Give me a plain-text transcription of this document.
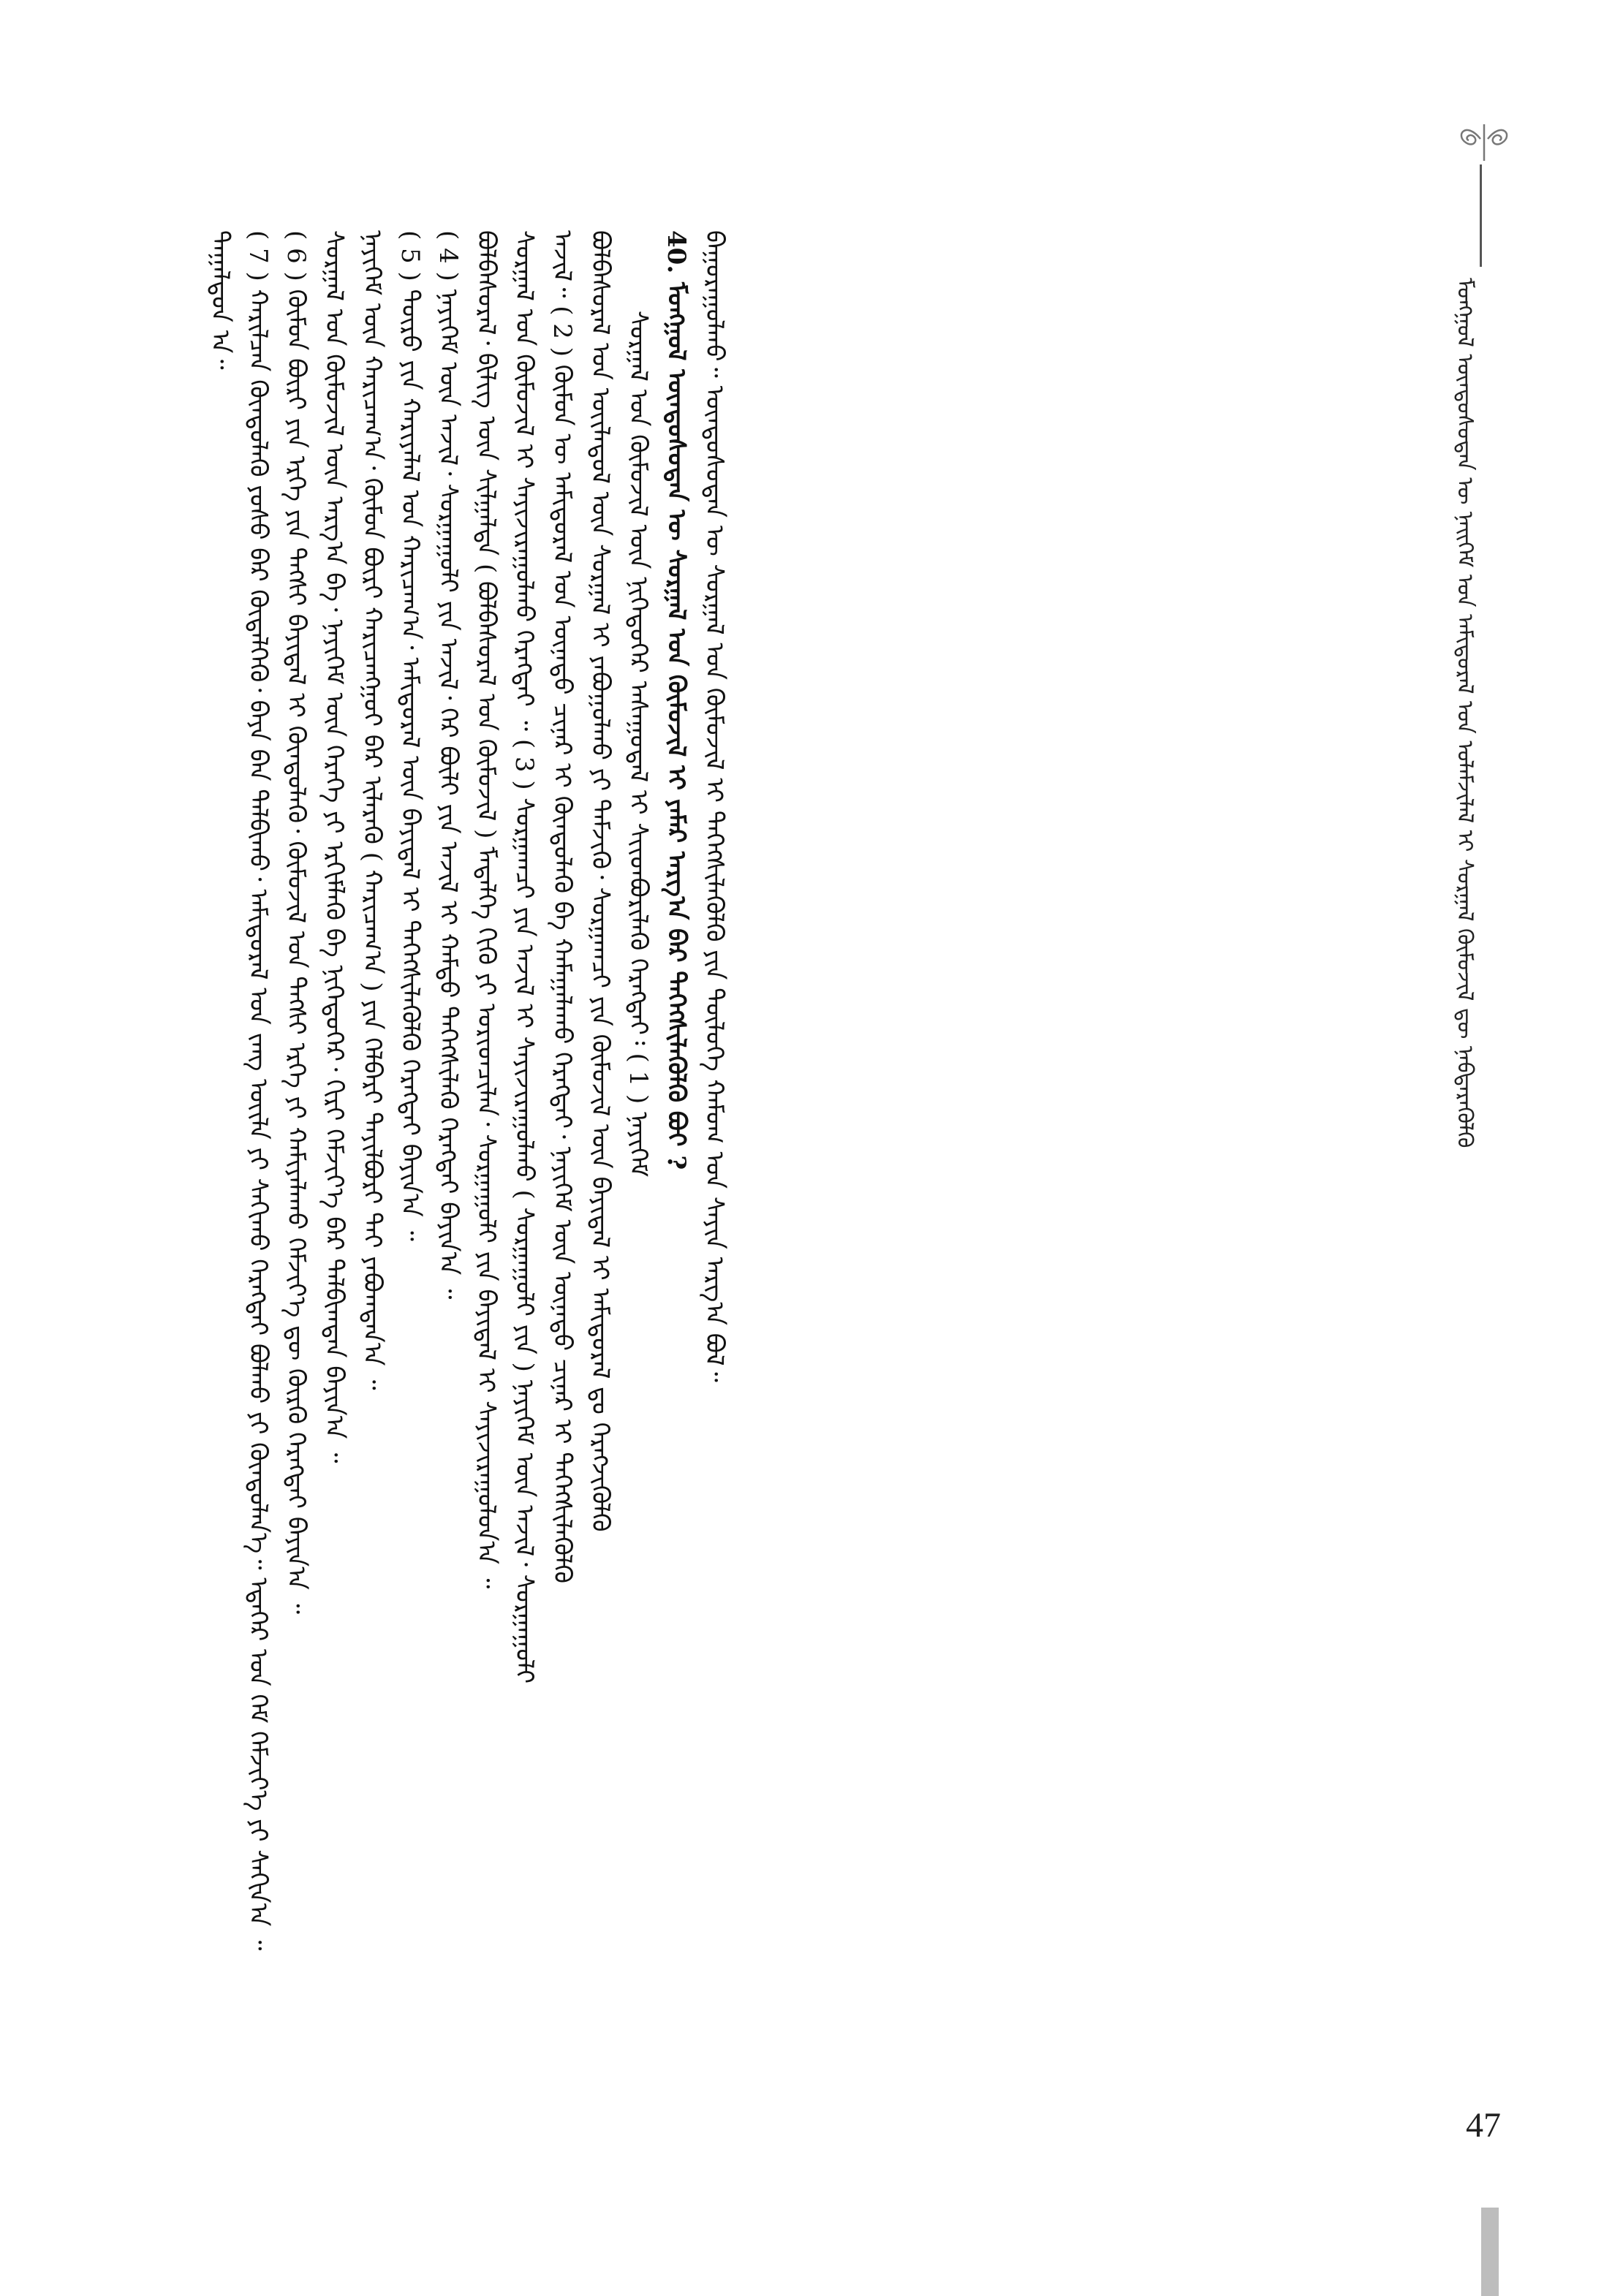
ᠮᠣᠩᠭᠣᠯ ᠦᠨᠳᠦᠰᠦᠲᠡᠨ ᠦ ᠨᠡᠢᠭᠡᠮ ᠤᠨ ᠠᠮᠢᠳᠤᠷᠠᠯ ᠤᠨ ᠤᠯᠠᠮᠵᠢᠯᠠᠯ ᠢ ᠰᠤᠷᠭᠠᠯ ᠬᠦᠮᠦᠵᠢᠯ ᠳᠦ ᠨᠡᠪᠲᠡᠷᠡᠭᠦᠯᠬᠦ

ᠳᠠᠭᠠᠯᠳᠤᠨ ᠠ᠃ ( 7 ) ᠬᠠᠷᠢᠯᠴᠠᠨ ᠬᠦᠨᠳᠦᠯᠡᠬᠦ ᠶᠣᠰᠣ ᠪᠠᠷ ᠬᠦᠳᠡᠯᠭᠡᠬᠦ᠂ ᠪᠡᠶᠡ ᠪᠡᠨ ᠲᠠᠯᠪᠢᠬᠤ᠂ ᠠᠮᠢᠳᠤᠷᠠᠯ ᠤᠨ ᠵᠠᠩ ᠦᠢᠯᠡ ᠶᠢ ᠰᠠᠬᠢᠬᠤ ᠬᠡᠷᠡᠭᠲᠡᠢ ᠪᠣᠯᠬᠤ ᠶᠢ ᠬᠦᠨᠳᠦᠯᠡᠨ᠎ᠡ᠃ ᠡᠳᠡᠭᠡᠷ ᠤᠨ ᠬᠡᠮ ᠬᠡᠮᠵᠢᠶ᠎ᠡ ᠶᠢ ᠰᠠᠬᠢᠨ᠎ᠠ ᠃ ( 6 ) ᠬᠦᠮᠦᠨ ᠪᠦᠷᠢ ᠶᠢᠨ ᠡᠷᠬᠡ ᠶᠢᠨ ᠲᠡᠭᠰᠢ ᠪᠠᠶᠢᠳᠠᠯ ᠢ ᠬᠦᠨᠳᠦᠯᠡᠬᠦ᠂ ᠬᠦᠮᠦᠵᠢᠯ ᠤᠨ ᠲᠡᠭᠰᠢ ᠡᠷᠬᠡ ᠶᠢ ᠬᠠᠮᠢᠶᠠᠯᠠᠬᠤ ᠬᠡᠮᠵᠢᠶ᠎ᠡ ᠳᠦ ᠬᠦᠷᠬᠦ ᠬᠡᠷᠡᠭᠲᠡᠢ ᠪᠠᠶᠢᠨ᠎ᠠ ᠃ ᠰᠤᠷᠭᠠᠯ ᠤᠨ ᠬᠦᠮᠦᠵᠢᠯ ᠦᠨ ᠠᠷᠭ᠎ᠠ ᠪᠠ᠂ ᠨᠡᠶᠢᠭᠡᠮ ᠦᠨ ᠭᠡᠷᠡᠭᠡ ᠶᠢ ᠡᠷᠬᠢᠮᠯᠡᠬᠦ ᠪᠠ ᠨᠢᠭᠡᠳᠦᠭᠡᠷ᠂ ᠬᠢᠷᠢ ᠬᠡᠮᠵᠢᠶ᠎ᠡ ᠪᠡᠷ ᠲᠠᠯᠪᠢᠭᠳᠠᠨ ᠪᠠᠶᠢᠨ᠎ᠠ ᠃ ᠨᠡᠶᠢᠭᠡᠮ ᠦᠨ ᠬᠠᠷᠢᠴᠠᠭ᠎ᠠ᠂ ᠬᠦᠮᠦᠨ ᠪᠦᠷᠢ ᠬᠠᠷᠢᠴᠠᠩᠭᠤᠢ ᠪᠡᠷ ᠢᠯᠡᠷᠡᠬᠦ ( ᠬᠠᠷᠢᠴᠠᠭ᠎ᠠ ) ᠶᠢᠨ ᠬᠡᠯᠪᠡᠷᠢ ᠲᠠᠶᠢᠯᠪᠤᠷᠢ ᠲᠠᠢ ᠶᠠᠪᠤᠭᠳᠠᠨ᠎ᠠ ᠃ ( 5 ) ᠲᠦᠷᠦ ᠶᠢᠨ ᠬᠠᠷᠢᠶᠠᠯᠠᠯ ᠤᠨ ᠬᠠᠷᠢᠴᠠᠭ᠎ᠠ᠂ ᠠᠮᠢᠳᠤᠷᠠᠯ ᠦᠨ ᠪᠠᠶᠢᠳᠠᠯ ᠢ ᠳᠡᠭᠡᠭᠰᠢᠯᠡᠭᠦᠯᠬᠦ ᠬᠡᠷᠡᠭᠲᠡᠢ ᠪᠠᠶᠢᠨ᠎ᠠ ᠃ ( 4 ) ᠨᠡᠶᠢᠭᠡᠮ ᠦᠨ ᠠᠵᠢᠯ᠂ ᠰᠤᠷᠭᠠᠭᠤᠯᠢ ᠶᠢᠨ ᠠᠵᠢᠯ᠂ ᠭᠡᠷ ᠪᠦᠯᠢ ᠶᠢᠨ ᠠᠵᠢᠯ ᠢ ᠬᠠᠮᠲᠤ ᠳᠡᠭᠡᠭᠰᠢᠯᠡᠬᠦ ᠬᠡᠷᠡᠭᠲᠡᠢ ᠪᠠᠶᠢᠨ᠎ᠠ ᠃ ᠪᠣᠯᠪᠠᠰᠤᠷᠠᠯ᠂ ᠪᠢᠯᠢᠭ ᠦᠨ ᠰᠢᠯᠭᠠᠯᠲᠠ ( ᠪᠣᠯᠪᠠᠰᠤᠷᠠᠯ ᠤᠨ ᠬᠦᠮᠦᠵᠢᠯ ) ᠮᠡᠳᠡᠯᠭᠡ ᠬᠢᠬᠦ ᠶᠢ ᠤᠷᠢᠳᠴᠢᠯᠠᠨ᠂ ᠰᠤᠷᠭᠠᠭᠤᠯᠢ ᠶᠢᠨ ᠪᠠᠶᠢᠳᠠᠯ ᠢ ᠰᠠᠶᠢᠵᠢᠷᠠᠭᠤᠯᠤᠨ᠎ᠠ ᠃ ᠰᠤᠷᠭᠠᠯ ᠤᠨ ᠬᠦᠮᠦᠵᠢᠯ ᠢ ᠰᠠᠶᠢᠵᠢᠷᠠᠭᠤᠯᠬᠤ ᠬᠡᠷᠡᠭᠲᠡᠢ ᠃ ( 3 ) ᠰᠤᠷᠭᠠᠭᠴᠢ ᠶᠢᠨ ᠠᠵᠢᠯ ᠢ ᠰᠠᠶᠢᠵᠢᠷᠠᠭᠤᠯᠬᠤ ( ᠰᠤᠷᠭᠠᠭᠤᠯᠢ ᠶᠢᠨ ) ᠨᠡᠶᠢᠭᠡᠮ ᠦᠨ ᠠᠵᠢᠯ᠂ ᠰᠤᠷᠭᠠᠭᠤᠯᠢ ᠠᠵᠢᠯ᠃ ( 2 ) ᠬᠦᠮᠦᠨ ᠦ ᠠᠮᠢᠳᠤᠷᠠᠯ ᠤᠨ ᠦᠨᠡᠲᠦ ᠴᠢᠨᠠᠷ ᠢ ᠬᠦᠨᠳᠦᠯᠡᠬᠦ ᠪᠠ ᠬᠠᠮᠠᠭᠠᠯᠠᠬᠤ ᠬᠡᠷᠡᠭᠲᠡᠢ᠂ ᠨᠡᠶᠢᠭᠡᠮ ᠦᠨ ᠦᠨᠡᠲᠦ ᠴᠢᠨᠠᠷ ᠢ ᠳᠡᠭᠡᠭᠰᠢᠯᠡᠭᠦᠯᠬᠦ ᠪᠣᠯᠪᠠᠰᠤᠷᠠᠯ ᠤᠨ ᠦᠢᠯᠡᠳᠦᠯ ᠦᠨ ᠰᠤᠷᠭᠠᠯ ᠢ ᠶᠠᠪᠤᠭᠤᠯᠬᠤ ᠶᠢ ᠳᠡᠮᠵᠢᠬᠦ᠂ ᠰᠤᠷᠭᠠᠭᠴᠢ ᠶᠢᠨ ᠬᠦᠮᠦᠵᠢᠯ ᠦᠨ ᠪᠠᠶᠢᠳᠠᠯ ᠢ ᠠᠮᠢᠳᠤᠷᠠᠯ ᠳᠤ ᠬᠡᠷᠡᠭᠵᠢᠭᠦᠯᠬᠦ ᠰᠤᠷᠭᠠᠯ ᠤᠨ ᠬᠦᠮᠦᠵᠢᠯ ᠦᠨ ᠨᠢᠭᠡᠳᠦᠭᠡᠷ ᠠᠰᠠᠭᠤᠳᠠᠯ ᠢ ᠰᠢᠢᠳᠪᠦᠷᠢᠯᠡᠬᠦ ᠬᠡᠷᠡᠭᠲᠡᠢ᠄ ( 1 ) ᠨᠡᠶᠢᠭᠡᠮ 40. ᠮᠣᠩᠭᠣᠯ ᠦᠨᠳᠦᠰᠦᠲᠡᠨ ᠦ ᠰᠤᠷᠭᠠᠯ ᠤᠨ ᠬᠦᠮᠦᠵᠢᠯ ᠢ ᠶᠠᠮᠠᠷ ᠠᠷᠭ᠎ᠠ ᠪᠡᠷ ᠳᠡᠭᠡᠭᠰᠢᠯᠡᠭᠦᠯᠬᠦ ᠪᠤᠢ ? ᠪᠠᠭᠤᠷᠠᠭᠤᠯᠬᠤ᠃ ᠦᠨᠳᠦᠰᠦᠲᠡᠨ ᠦ ᠰᠤᠷᠭᠠᠯ ᠤᠨ ᠬᠦᠮᠦᠵᠢᠯ ᠢ ᠳᠡᠭᠡᠭᠰᠢᠯᠡᠭᠦᠯᠬᠦ ᠶᠢᠨ ᠲᠥᠯᠥᠭᠡ ᠬᠠᠮᠤᠭ ᠤᠨ ᠰᠠᠶᠢᠨ ᠠᠷᠭ᠎ᠠ ᠪᠣᠯ᠃

47
